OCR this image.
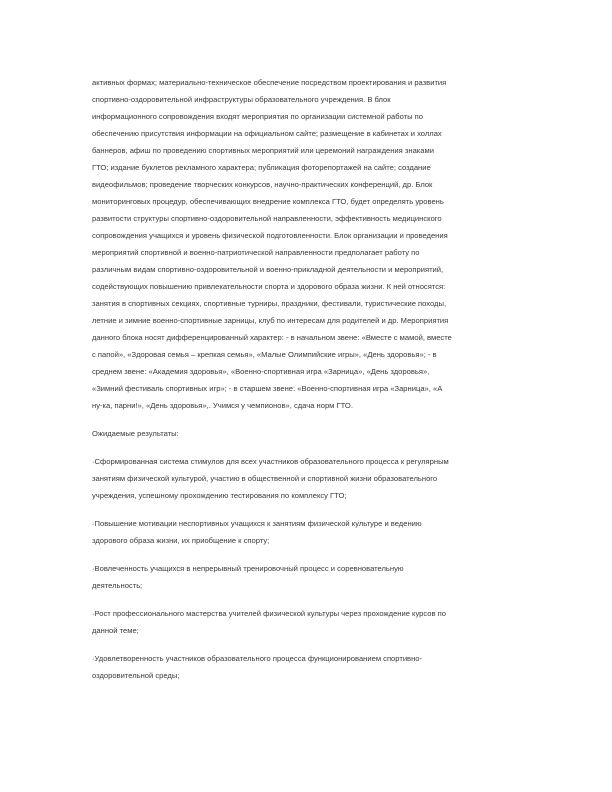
активных формах; материально-техническое обеспечение посредством проектирования и развития
спортивно-оздоровительной инфраструктуры образовательного учреждения. В блок
информационного сопровождения входят мероприятия по организации системной работы по
обеспечению присутствия информации на официальном сайте; размещение в кабинетах и холлах
баннеров, афиш по проведению спортивных мероприятий или церемоний награждения знаками
ГТО; издание буклетов рекламного характера; публикация фоторепортажей на сайте; создание
видеофильмов; проведение творческих конкурсов, научно-практических конференций, др. Блок
мониторинговых процедур, обеспечивающих внедрение комплекса ГТО, будет определять уровень
развитости структуры спортивно-оздоровительной направленности, эффективность медицинского
сопровождения учащихся и уровень физической подготовленности. Блок организации и проведения
мероприятий спортивной и военно-патриотической направленности предполагает работу по
различным видам спортивно-оздоровительной и военно-прикладной деятельности и мероприятий,
содействующих повышению привлекательности спорта и здорового образа жизни. К ней относятся:
занятия в спортивных секциях, спортивные турниры, праздники, фестивали, туристические походы,
летние и зимние военно-спортивные зарницы, клуб по интересам для родителей и др. Мероприятия
данного блока носят дифференцированный характер: - в начальном звене: «Вместе с мамой, вместе
с папой», «Здоровая семья – крепкая семья», «Малые Олимпийские игры», «День здоровья»; - в
среднем звене: «Академия здоровья», «Военно-спортивная игра «Зарница», «День здоровья»,
«Зимний фестиваль спортивных игр»; - в старшем звене: «Военно-спортивная игра «Зарница», «А
ну-ка, парни!», «День здоровья»,. Учимся у чемпионов», сдача норм ГТО.
Ожидаемые результаты:
·Сформированная система стимулов для всех участников образовательного процесса к регулярным
занятиям физической культурой, участию в общественной и спортивной жизни образовательного
учреждения, успешному прохождению тестирования по комплексу ГТО;
·Повышение мотивации неспортивных учащихся к занятиям физической культуре и ведению
здорового образа жизни, их приобщение к спорту;
·Вовлеченность учащихся в непрерывный тренировочный процесс и соревновательную
деятельность;
·Рост профессионального мастерства учителей физической культуры через прохождение курсов по
данной теме;
·Удовлетворенность участников образовательного процесса функционированием спортивно-
оздоровительной среды;
